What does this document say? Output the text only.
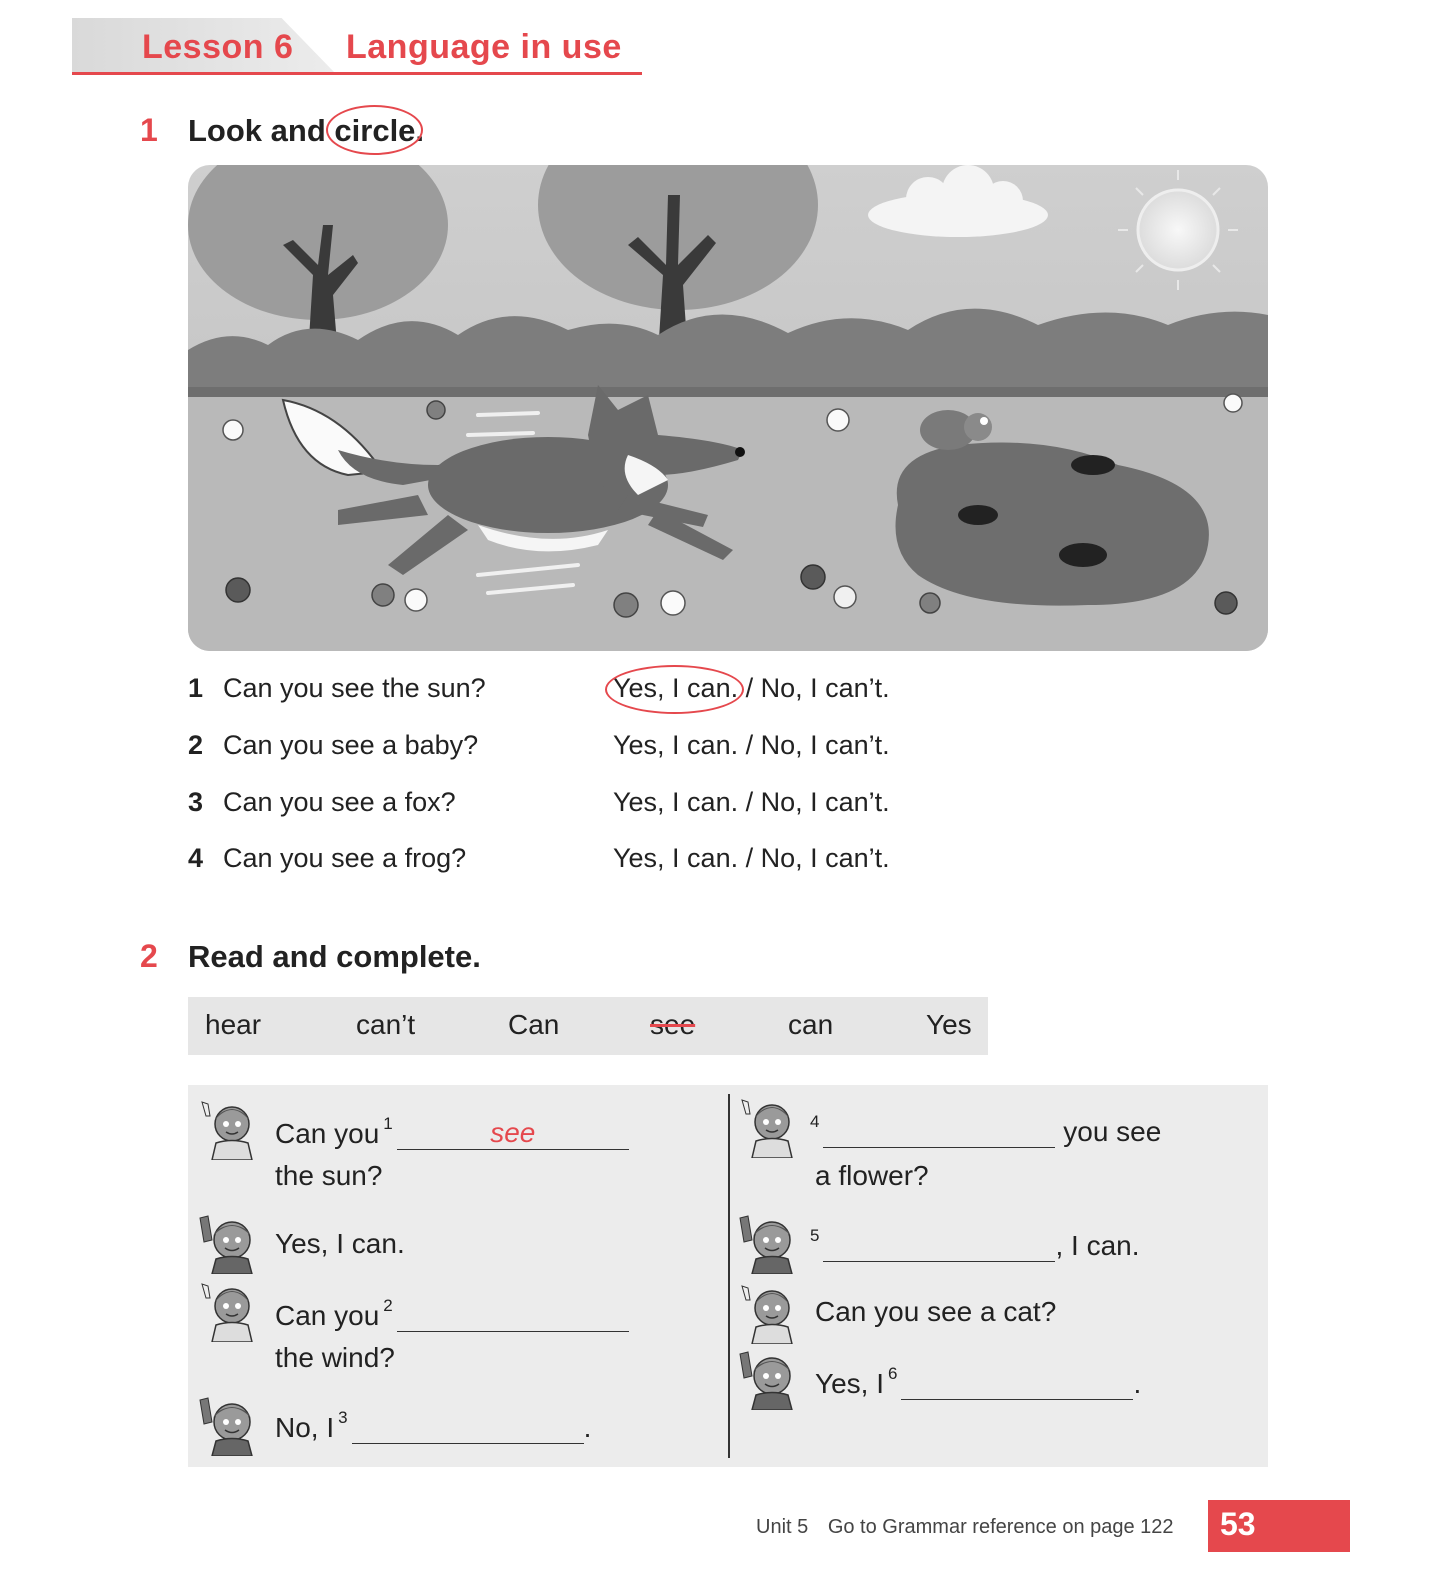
Lesson 6 Language in use
1 Look and circle.
1 Can you see the sun?	Yes, I can. / No, I can’t.
2 Can you see a baby?	Yes, I can. / No, I can’t.
3 Can you see a fox?	Yes, I can. / No, I can’t.
4 Can you see a frog?	Yes, I can. / No, I can’t.
2 Read and complete.
hear	can’t	Can	see	can	Yes
Can you $^1$	see
the sun?
Yes, I can.
Can you $^2$
the wind?
No, I $^3$	.
$^4$	you see
a flower?
$^5$	, I can.
Can you see a cat?
Yes, I $^6$	.
Unit 5 Go to Grammar reference on page 122 53
